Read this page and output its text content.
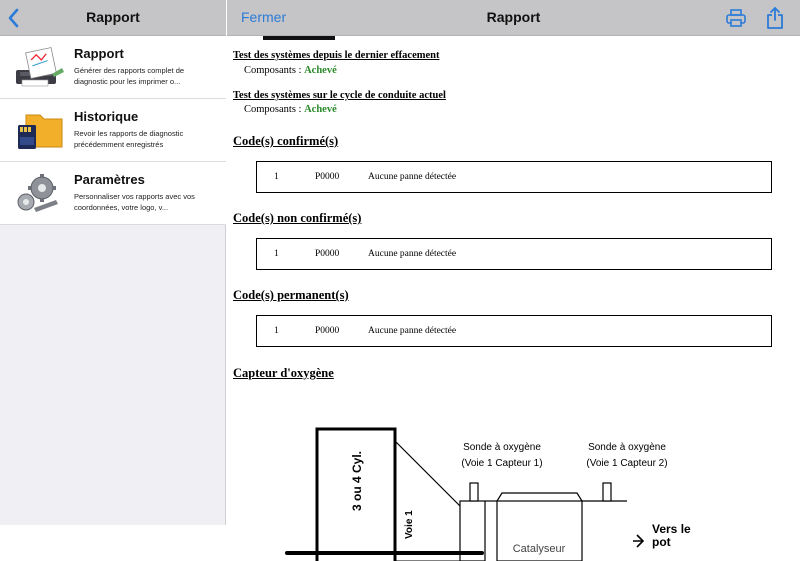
Rapport
Rapport
Générer des rapports complet de diagnostic pour les imprimer o...
Historique
Revoir les rapports de diagnostic précédemment enregistrés
Paramètres
Personnaliser vos rapports avec vos coordonnées, votre logo, v...
Fermer	Rapport
Test des systèmes depuis le dernier effacement
Composants : Achevé
Test des systèmes sur le cycle de conduite actuel
Composants : Achevé
Code(s) confirmé(s)
1	P0000	Aucune panne détectée
Code(s) non confirmé(s)
1	P0000	Aucune panne détectée
Code(s) permanent(s)
1	P0000	Aucune panne détectée
Capteur d'oxygène
3 ou 4 Cyl.
Voie 1
Sonde à oxygène
(Voie 1 Capteur 1)
Catalyseur
Sonde à oxygène
(Voie 1 Capteur 2)
Vers le
pot
